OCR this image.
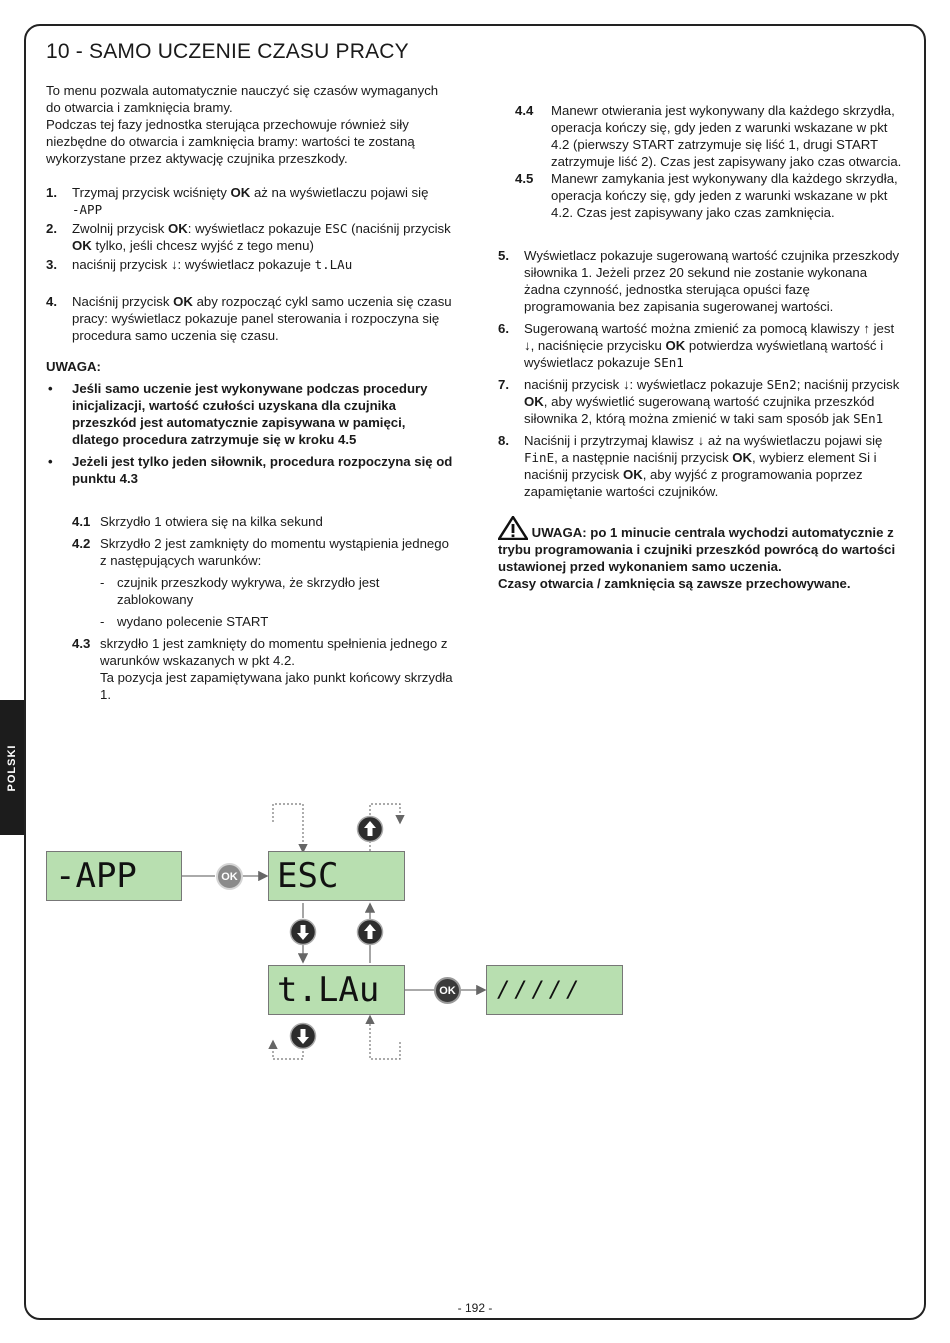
POLSKI
10 - SAMO UCZENIE CZASU PRACY

To menu pozwala automatycznie nauczyć się czasów wymaganych do otwarcia i zamknięcia bramy.

Podczas tej fazy jednostka sterująca przechowuje również siły niezbędne do otwarcia i zamknięcia bramy: wartości te zostaną wykorzystane przez aktywację czujnika przeszkody.

1. Trzymaj przycisk wciśnięty OK aż na wyświetlaczu pojawi się
-APP
2. Zwolnij przycisk OK: wyświetlacz pokazuje ESC (naciśnij przycisk OK tylko, jeśli chcesz wyjść z tego menu)
3. naciśnij przycisk ↓: wyświetlacz pokazuje t.LAu
4. Naciśnij przycisk OK aby rozpocząć cykl samo uczenia się czasu pracy: wyświetlacz pokazuje panel sterowania i rozpoczyna się procedura samo uczenia się czasu.

UWAGA:

• Jeśli samo uczenie jest wykonywane podczas procedury inicjalizacji, wartość czułości uzyskana dla czujnika przeszkód jest automatycznie zapisywana w pamięci, dlatego procedura zatrzymuje się w kroku 4.5
• Jeżeli jest tylko jeden siłownik, procedura rozpoczyna się od punktu 4.3
4.1 Skrzydło 1 otwiera się na kilka sekund
4.2 Skrzydło 2 jest zamknięty do momentu wystąpienia jednego z następujących warunków:
- czujnik przeszkody wykrywa, że skrzydło jest zablokowany
- wydano polecenie START
4.3 skrzydło 1 jest zamknięty do momentu spełnienia jednego z warunków wskazanych w pkt 4.2.
Ta pozycja jest zapamiętywana jako punkt końcowy skrzydła 1.
4.4 Manewr otwierania jest wykonywany dla każdego skrzydła, operacja kończy się, gdy jeden z warunki wskazane w pkt 4.2 (pierwszy START zatrzymuje się liść 1, drugi START zatrzymuje liść 2). Czas jest zapisywany jako czas otwarcia.
4.5 Manewr zamykania jest wykonywany dla każdego skrzydła, operacja kończy się, gdy jeden z warunki wskazane w pkt 4.2. Czas jest zapisywany jako czas zamknięcia.
5. Wyświetlacz pokazuje sugerowaną wartość czujnika przeszkody siłownika 1. Jeżeli przez 20 sekund nie zostanie wykonana żadna czynność, jednostka sterująca opuści fazę programowania bez zapisania sugerowanej wartości.
6. Sugerowaną wartość można zmienić za pomocą klawiszy ↑ jest ↓, naciśnięcie przycisku OK potwierdza wyświetlaną wartość i wyświetlacz pokazuje SEn1
7. naciśnij przycisk ↓: wyświetlacz pokazuje SEn2; naciśnij przycisk OK, aby wyświetlić sugerowaną wartość czujnika przeszkód siłownika 2, którą można zmienić w taki sam sposób jak SEn1
8. Naciśnij i przytrzymaj klawisz ↓ aż na wyświetlaczu pojawi się FinE, a następnie naciśnij przycisk OK, wybierz element Si i naciśnij przycisk OK, aby wyjść z programowania poprzez zapamiętanie wartości czujników.
UWAGA: po 1 minucie centrala wychodzi automatycznie z trybu programowania i czujniki przeszkód powrócą do wartości ustawionej przed wykonaniem samo uczenia.
Czasy otwarcia / zamknięcia są zawsze przechowywane.
-APP	ESC
t.LAu	/////
OK
OK
- 192 -
